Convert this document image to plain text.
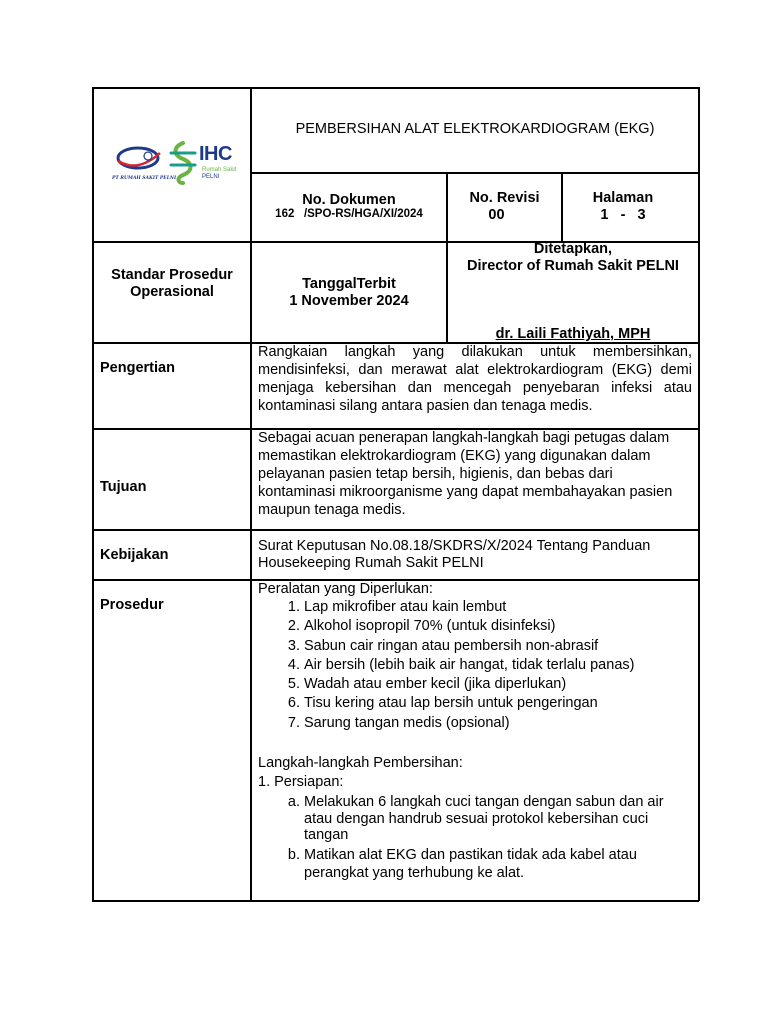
PT RUMAH SAKIT PELNI
IHC
Rumah Sakit
PELNI
PEMBERSIHAN ALAT ELEKTROKARDIOGRAM (EKG)
No. Dokumen
162   /SPO-RS/HGA/XI/2024
No. Revisi
00
Halaman
1   -   3
Standar Prosedur
Operasional	TanggalTerbit
1 November 2024
Ditetapkan,
Director of Rumah Sakit PELNI
dr. Laili Fathiyah, MPH
Pengertian
Rangkaian langkah yang dilakukan untuk membersihkan, mendisinfeksi, dan merawat alat elektrokardiogram (EKG) demi menjaga kebersihan dan mencegah penyebaran infeksi atau kontaminasi silang antara pasien dan tenaga medis.
Tujuan
Sebagai acuan penerapan langkah-langkah bagi petugas dalam memastikan elektrokardiogram (EKG) yang digunakan dalam pelayanan pasien tetap bersih, higienis, dan bebas dari kontaminasi mikroorganisme yang dapat membahayakan pasien maupun tenaga medis.
Kebijakan
Surat Keputusan No.08.18/SKDRS/X/2024 Tentang Panduan Housekeeping Rumah Sakit PELNI
Prosedur
Peralatan yang Diperlukan:
1. Lap mikrofiber atau kain lembut
2. Alkohol isopropil 70% (untuk disinfeksi)
3. Sabun cair ringan atau pembersih non-abrasif
4. Air bersih (lebih baik air hangat, tidak terlalu panas)
5. Wadah atau ember kecil (jika diperlukan)
6. Tisu kering atau lap bersih untuk pengeringan
7. Sarung tangan medis (opsional)
Langkah-langkah Pembersihan:
1. Persiapan:
a. Melakukan 6 langkah cuci tangan dengan sabun dan air atau dengan handrub sesuai protokol kebersihan cuci tangan
b. Matikan alat EKG dan pastikan tidak ada kabel atau perangkat yang terhubung ke alat.
